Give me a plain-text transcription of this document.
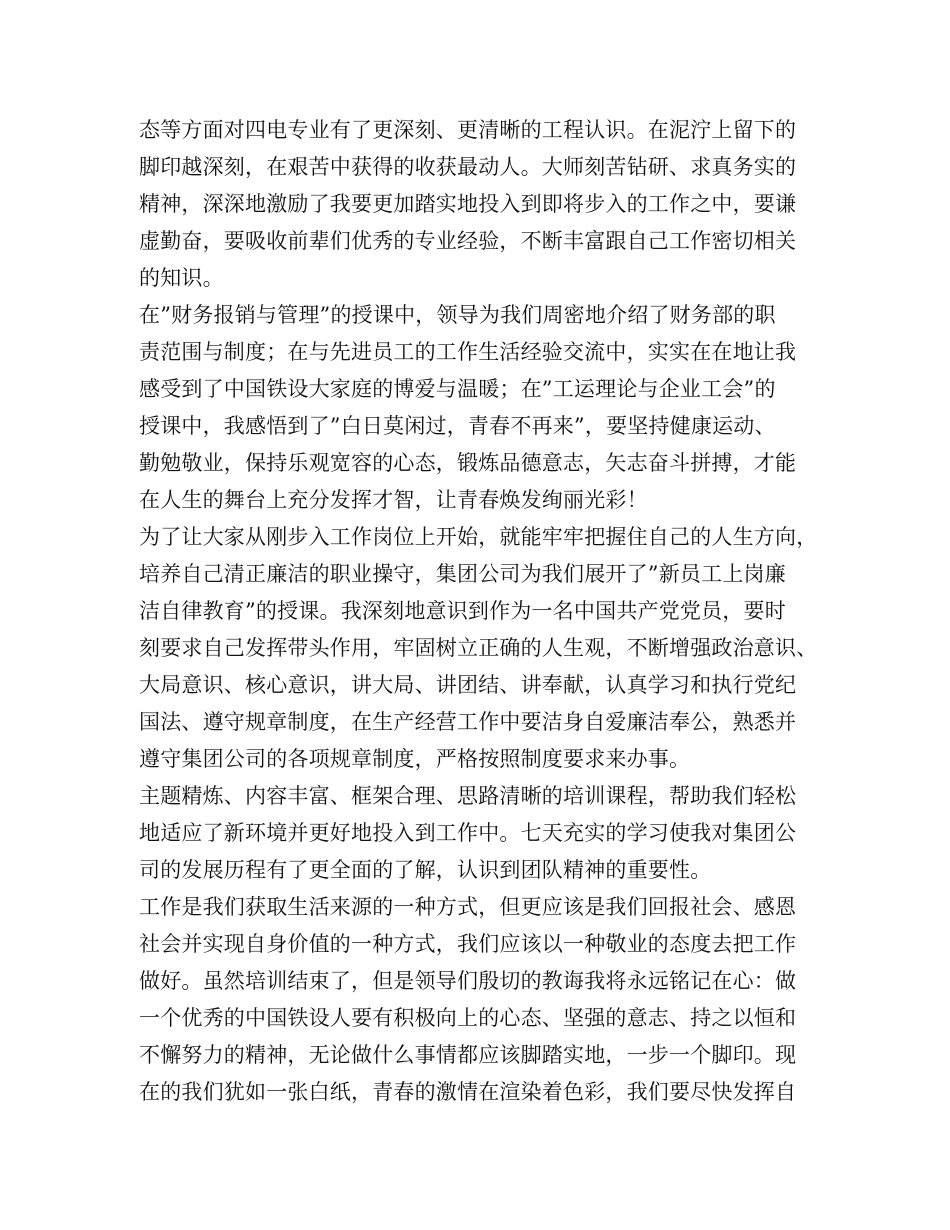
态等方面对四电专业有了更深刻、更清晰的工程认识。在泥泞上留下的
脚印越深刻，在艰苦中获得的收获最动人。大师刻苦钻研、求真务实的
精神，深深地激励了我要更加踏实地投入到即将步入的工作之中，要谦
虚勤奋，要吸收前辈们优秀的专业经验，不断丰富跟自己工作密切相关
的知识。
在”财务报销与管理”的授课中，领导为我们周密地介绍了财务部的职
责范围与制度；在与先进员工的工作生活经验交流中，实实在在地让我
感受到了中国铁设大家庭的博爱与温暖；在”工运理论与企业工会”的
授课中，我感悟到了”白日莫闲过，青春不再来”，要坚持健康运动、
勤勉敬业，保持乐观宽容的心态，锻炼品德意志，矢志奋斗拼搏，才能
在人生的舞台上充分发挥才智，让青春焕发绚丽光彩！
为了让大家从刚步入工作岗位上开始，就能牢牢把握住自己的人生方向，
培养自己清正廉洁的职业操守，集团公司为我们展开了”新员工上岗廉
洁自律教育”的授课。我深刻地意识到作为一名中国共产党党员，要时
刻要求自己发挥带头作用，牢固树立正确的人生观，不断增强政治意识、
大局意识、核心意识，讲大局、讲团结、讲奉献，认真学习和执行党纪
国法、遵守规章制度，在生产经营工作中要洁身自爱廉洁奉公，熟悉并
遵守集团公司的各项规章制度，严格按照制度要求来办事。
主题精炼、内容丰富、框架合理、思路清晰的培训课程，帮助我们轻松
地适应了新环境并更好地投入到工作中。七天充实的学习使我对集团公
司的发展历程有了更全面的了解，认识到团队精神的重要性。
工作是我们获取生活来源的一种方式，但更应该是我们回报社会、感恩
社会并实现自身价值的一种方式，我们应该以一种敬业的态度去把工作
做好。虽然培训结束了，但是领导们殷切的教诲我将永远铭记在心：做
一个优秀的中国铁设人要有积极向上的心态、坚强的意志、持之以恒和
不懈努力的精神，无论做什么事情都应该脚踏实地，一步一个脚印。现
在的我们犹如一张白纸，青春的激情在渲染着色彩，我们要尽快发挥自
